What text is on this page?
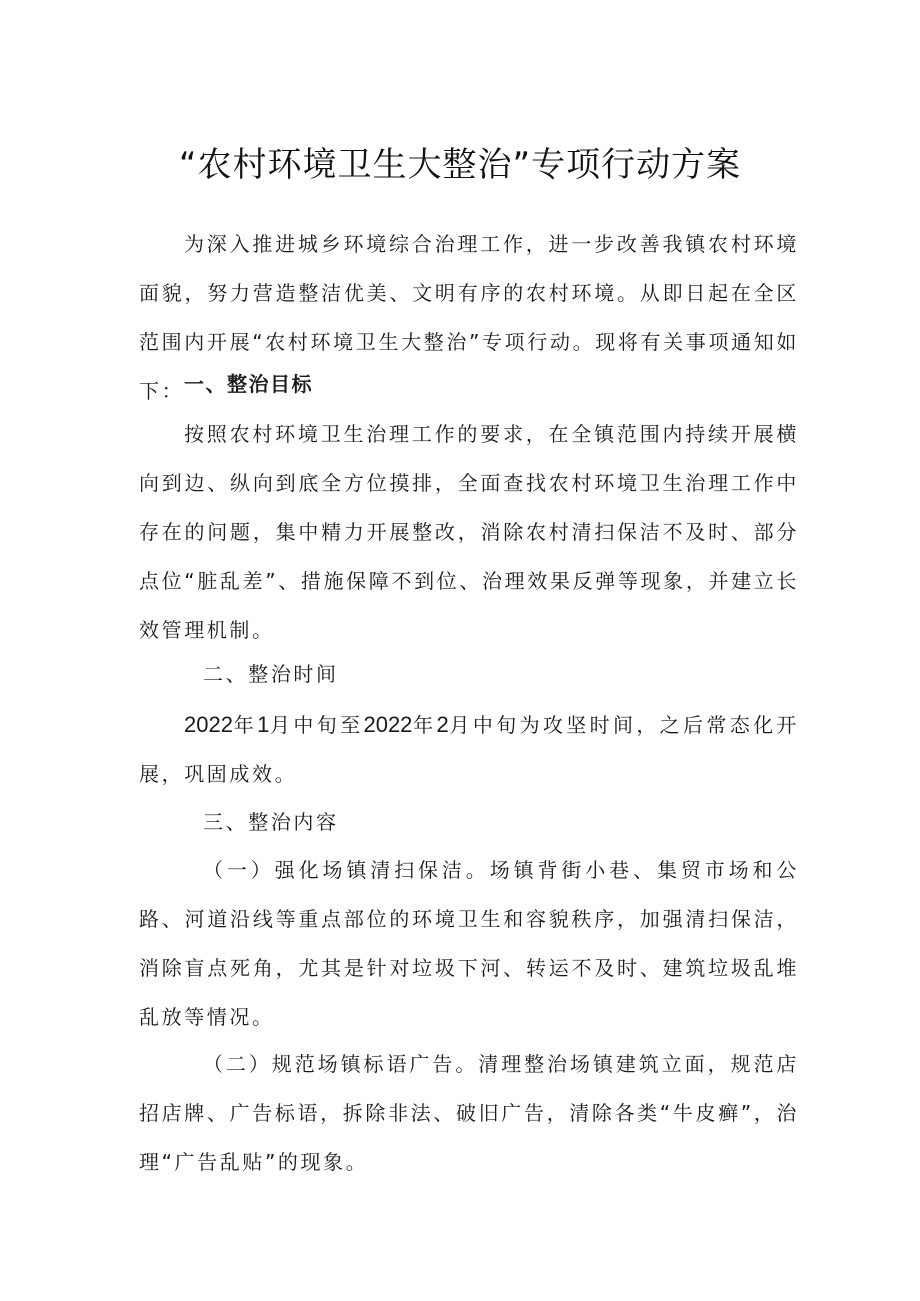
“农村环境卫生大整治”专项行动方案
为深入推进城乡环境综合治理工作，进一步改善我镇农村环境面貌，努力营造整洁优美、文明有序的农村环境。从即日起在全区范围内开展“农村环境卫生大整治”专项行动。现将有关事项通知如下： 一、整治目标
按照农村环境卫生治理工作的要求，在全镇范围内持续开展横向到边、纵向到底全方位摸排，全面查找农村环境卫生治理工作中存在的问题，集中精力开展整改，消除农村清扫保洁不及时、部分点位“脏乱差”、措施保障不到位、治理效果反弹等现象，并建立长效管理机制。
二、整治时间
2022年1月中旬至2022年2月中旬为攻坚时间，之后常态化开展，巩固成效。
三、整治内容
（一）强化场镇清扫保洁。场镇背街小巷、集贸市场和公路、河道沿线等重点部位的环境卫生和容貌秩序，加强清扫保洁，消除盲点死角，尤其是针对垃圾下河、转运不及时、建筑垃圾乱堆乱放等情况。
（二）规范场镇标语广告。清理整治场镇建筑立面，规范店招店牌、广告标语，拆除非法、破旧广告，清除各类“牛皮癣”，治理“广告乱贴”的现象。
